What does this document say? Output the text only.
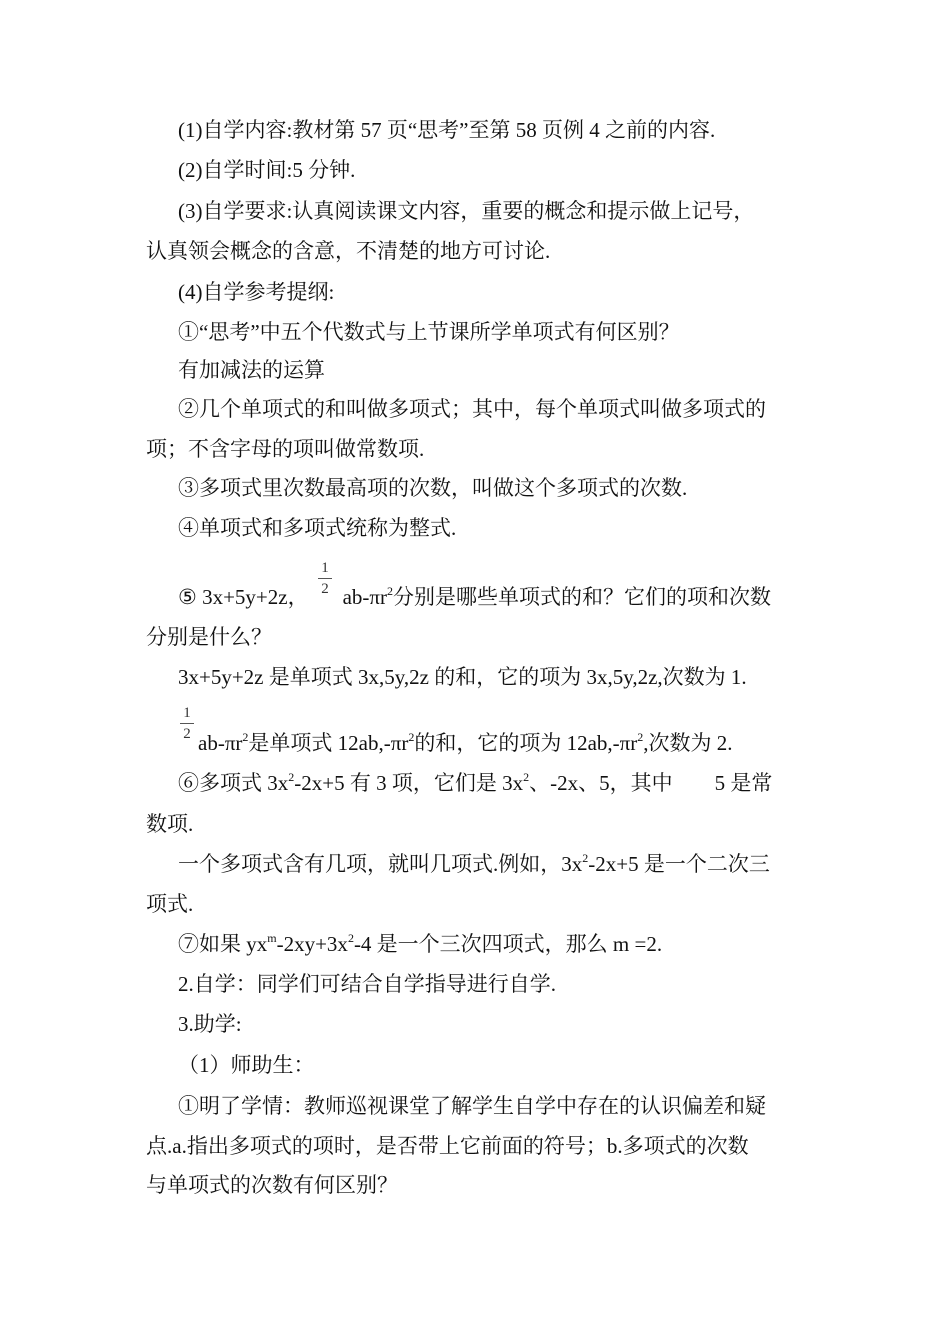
(1)自学内容:教材第 57 页“思考”至第 58 页例 4 之前的内容.
(2)自学时间:5 分钟.
(3)自学要求:认真阅读课文内容，重要的概念和提示做上记号，
认真领会概念的含意，不清楚的地方可讨论.
(4)自学参考提纲:
①“思考”中五个代数式与上节课所学单项式有何区别？
有加减法的运算
②几个单项式的和叫做多项式；其中，每个单项式叫做多项式的
项；不含字母的项叫做常数项.
③多项式里次数最高项的次数，叫做这个多项式的次数.
④单项式和多项式统称为整式.
⑤ 3x+5y+2z， $ab-\pi r^2$分别是哪些单项式的和？它们的项和次数
1
2
分别是什么？
3x+5y+2z 是单项式 3x,5y,2z 的和，它的项为 3x,5y,2z,次数为 1.
1
2 $ab-\pi r^2$是单项式 $12ab,-\pi r^2$的和，它的项为 $12ab,-\pi r^2$,次数为 2.
⑥多项式 $3x^2-2x+5$ 有 3 项，它们是 $3x^2$、-2x、5，其中　　5 是常
数项.
一个多项式含有几项，就叫几项式.例如，$3x^2-2x+5$ 是一个二次三
项式.
⑦如果 $yx^m-2xy+3x^2-4$ 是一个三次四项式，那么 m =2.
2.自学：同学们可结合自学指导进行自学.
3.助学:
（1）师助生：
①明了学情：教师巡视课堂了解学生自学中存在的认识偏差和疑
点.a.指出多项式的项时，是否带上它前面的符号；b.多项式的次数
与单项式的次数有何区别？
